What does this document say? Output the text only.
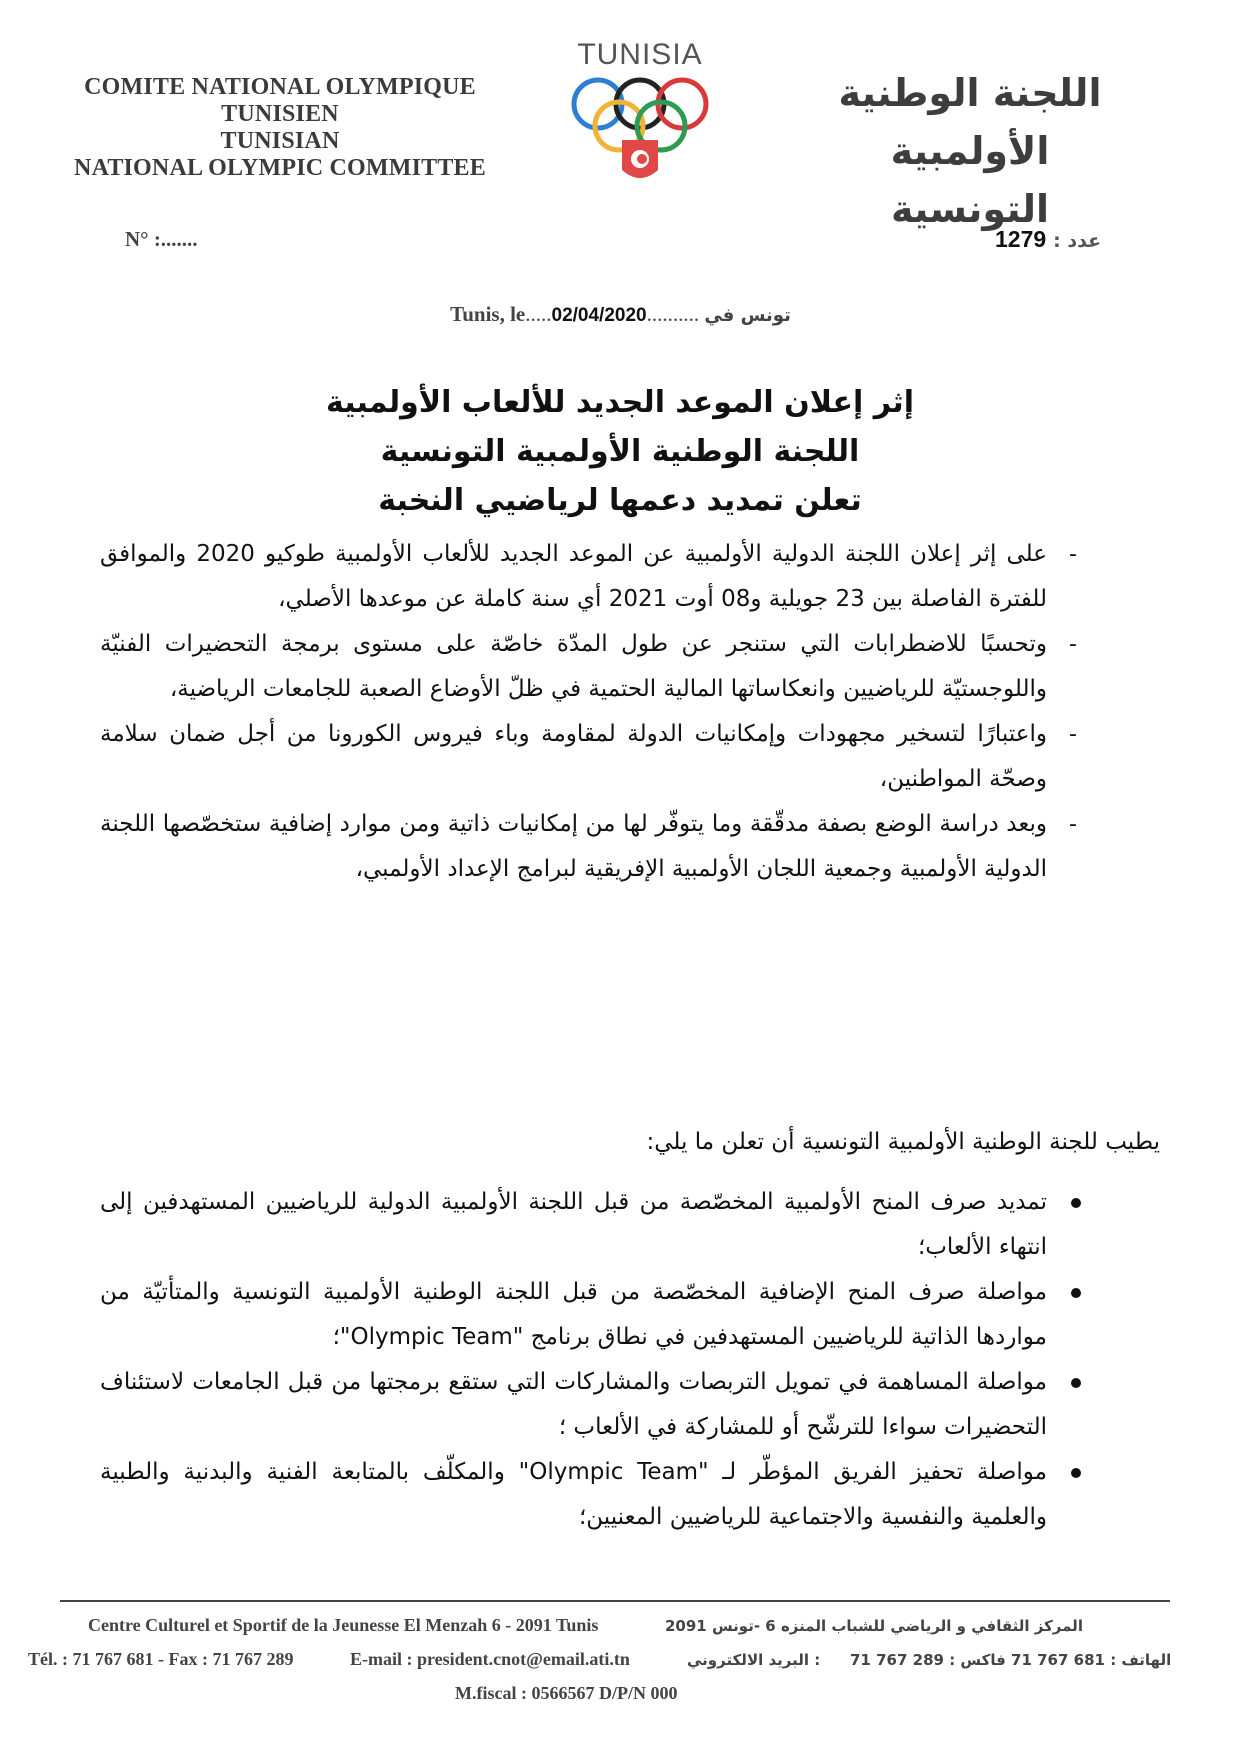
COMITE NATIONAL OLYMPIQUE
TUNISIEN
TUNISIAN
NATIONAL OLYMPIC COMMITTEE
TUNISIA
اللجنة الوطنية الأولمبية
التونسية
N° :.......	1279 : عدد
Tunis, le.....02/04/2020.......... تونس في
إثر إعلان الموعد الجديد للألعاب الأولمبية
اللجنة الوطنية الأولمبية التونسية
تعلن تمديد دعمها لرياضيي النخبة

-
على إثر إعلان اللجنة الدولية الأولمبية عن الموعد الجديد للألعاب الأولمبية طوكيو 2020 والموافق للفترة الفاصلة بين 23 جويلية و08 أوت 2021 أي سنة كاملة عن موعدها الأصلي،

-
وتحسبًا للاضطرابات التي ستنجر عن طول المدّة خاصّة على مستوى برمجة التحضيرات الفنيّة واللوجستيّة للرياضيين وانعكاساتها المالية الحتمية في ظلّ الأوضاع الصعبة للجامعات الرياضية،

-
واعتبارًا لتسخير مجهودات وإمكانيات الدولة لمقاومة وباء فيروس الكورونا من أجل ضمان سلامة وصحّة المواطنين،

-
وبعد دراسة الوضع بصفة مدقّقة وما يتوفّر لها من إمكانيات ذاتية ومن موارد إضافية ستخصّصها اللجنة الدولية الأولمبية وجمعية اللجان الأولمبية الإفريقية لبرامج الإعداد الأولمبي،

يطيب للجنة الوطنية الأولمبية التونسية أن تعلن ما يلي:

تمديد صرف المنح الأولمبية المخصّصة من قبل اللجنة الأولمبية الدولية للرياضيين المستهدفين إلى انتهاء الألعاب؛

مواصلة صرف المنح الإضافية المخصّصة من قبل اللجنة الوطنية الأولمبية التونسية والمتأتيّة من مواردها الذاتية للرياضيين المستهدفين في نطاق برنامج "Olympic Team"؛

مواصلة المساهمة في تمويل التربصات والمشاركات التي ستقع برمجتها من قبل الجامعات لاستئناف التحضيرات سواءا للترشّح أو للمشاركة في الألعاب ؛

مواصلة تحفيز الفريق المؤطّر لـ "Olympic Team" والمكلّف بالمتابعة الفنية والبدنية والطبية والعلمية والنفسية والاجتماعية للرياضيين المعنيين؛

Centre Culturel et Sportif de la Jeunesse El Menzah 6 - 2091 Tunis	المركز الثقافي و الرياضي للشباب المنزه 6 -تونس 2091
Tél. : 71 767 681 - Fax : 71 767 289	E-mail : president.cnot@email.ati.tn	: البريد الالكتروني الهاتف : 681 767 71 فاكس : 289 767 71
M.fiscal : 0566567 D/P/N 000
